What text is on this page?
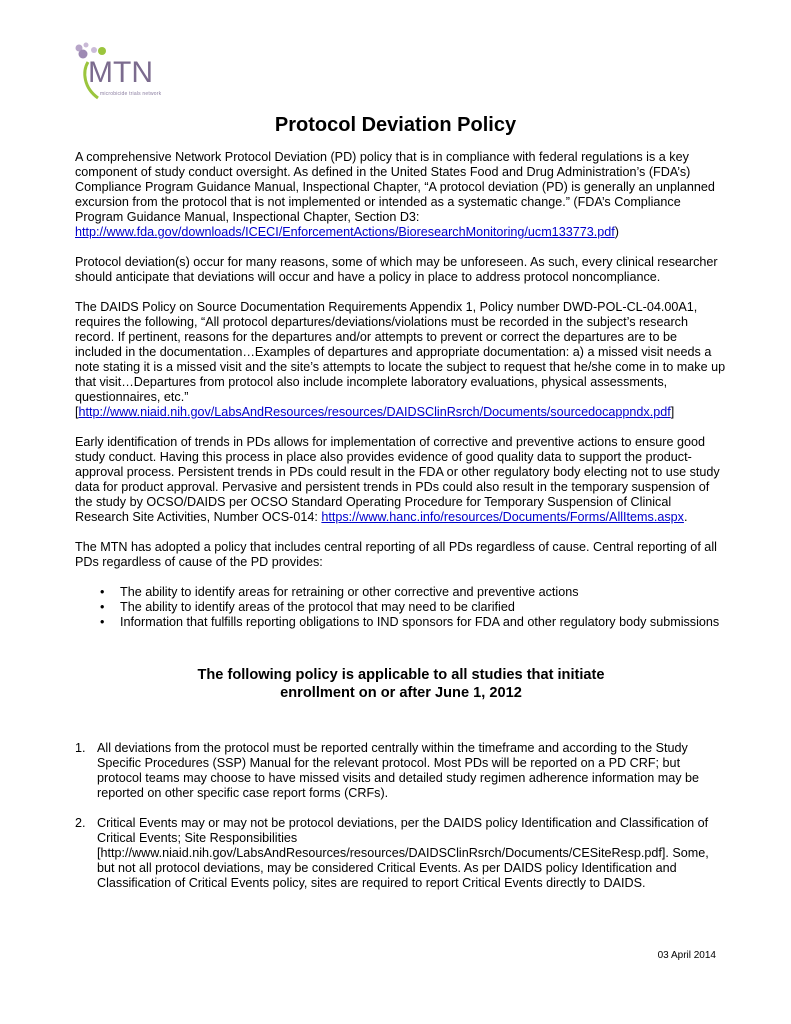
MTN
microbicide trials network
Protocol Deviation Policy

A comprehensive Network Protocol Deviation (PD) policy that is in compliance with federal regulations is a key component of study conduct oversight. As defined in the United States Food and Drug Administration’s (FDA’s) Compliance Program Guidance Manual, Inspectional Chapter, “A protocol deviation (PD) is generally an unplanned excursion from the protocol that is not implemented or intended as a systematic change.” (FDA’s Compliance Program Guidance Manual, Inspectional Chapter, Section D3: http://www.fda.gov/downloads/ICECI/EnforcementActions/BioresearchMonitoring/ucm133773.pdf)

Protocol deviation(s) occur for many reasons, some of which may be unforeseen. As such, every clinical researcher should anticipate that deviations will occur and have a policy in place to address protocol noncompliance.

The DAIDS Policy on Source Documentation Requirements Appendix 1, Policy number DWD-POL-CL-04.00A1, requires the following, “All protocol departures/deviations/violations must be recorded in the subject’s research record. If pertinent, reasons for the departures and/or attempts to prevent or correct the departures are to be included in the documentation…Examples of departures and appropriate documentation: a) a missed visit needs a note stating it is a missed visit and the site’s attempts to locate the subject to request that he/she come in to make up that visit…Departures from protocol also include incomplete laboratory evaluations, physical assessments, questionnaires, etc.” [http://www.niaid.nih.gov/LabsAndResources/resources/DAIDSClinRsrch/Documents/sourcedocappndx.pdf]

Early identification of trends in PDs allows for implementation of corrective and preventive actions to ensure good study conduct. Having this process in place also provides evidence of good quality data to support the product-approval process. Persistent trends in PDs could result in the FDA or other regulatory body electing not to use study data for product approval. Pervasive and persistent trends in PDs could also result in the temporary suspension of the study by OCSO/DAIDS per OCSO Standard Operating Procedure for Temporary Suspension of Clinical Research Site Activities, Number OCS-014: https://www.hanc.info/resources/Documents/Forms/AllItems.aspx.

The MTN has adopted a policy that includes central reporting of all PDs regardless of cause. Central reporting of all PDs regardless of cause of the PD provides:

• The ability to identify areas for retraining or other corrective and preventive actions
• The ability to identify areas of the protocol that may need to be clarified
• Information that fulfills reporting obligations to IND sponsors for FDA and other regulatory body submissions
The following policy is applicable to all studies that initiate
enrollment on or after June 1, 2012
1. All deviations from the protocol must be reported centrally within the timeframe and according to the Study Specific Procedures (SSP) Manual for the relevant protocol. Most PDs will be reported on a PD CRF; but protocol teams may choose to have missed visits and detailed study regimen adherence information may be reported on other specific case report forms (CRFs).
2. Critical Events may or may not be protocol deviations, per the DAIDS policy Identification and Classification of Critical Events; Site Responsibilities [http://www.niaid.nih.gov/LabsAndResources/resources/DAIDSClinRsrch/Documents/CESiteResp.pdf]. Some, but not all protocol deviations, may be considered Critical Events. As per DAIDS policy Identification and Classification of Critical Events policy, sites are required to report Critical Events directly to DAIDS.
03 April 2014
